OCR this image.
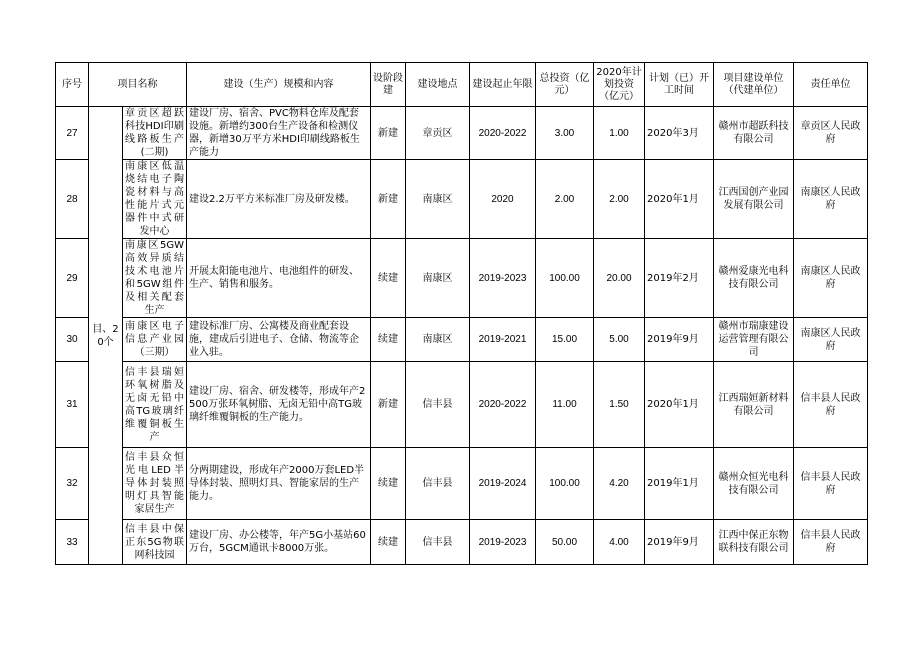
序号	项目名称		建设（生产）规模和内容	设阶段建	建设地点	建设起止年限	总投资（亿元）	2020年计划投资（亿元）	计划（已）开工时间	项目建设单位（代建单位）	责任单位
27	目、20个	章贡区超跃科技HDI印刷线路板生产(二期)	建设厂房、宿舍、PVC物料仓库及配套设施。新增约300台生产设备和检测仪器，新增30万平方米HDI印刷线路板生产能力	新建	章贡区	2020-2022	3.00	1.00	2020年3月	赣州市超跃科技有限公司	章贡区人民政府
28		南康区低温烧结电子陶瓷材料与高性能片式元器件中式研发中心	建设2.2万平方米标准厂房及研发楼。	新建	南康区	2020	2.00	2.00	2020年1月	江西国创产业园发展有限公司	南康区人民政府
29		南康区5GW高效异质结技术电池片和5GW组件及相关配套生产	开展太阳能电池片、电池组件的研发、生产、销售和服务。	续建	南康区	2019-2023	100.00	20.00	2019年2月	赣州爱康光电科技有限公司	南康区人民政府
30		南康区电子信息产业园（三期）	建设标准厂房、公寓楼及商业配套设施，建成后引进电子、仓储、物流等企业入驻。	续建	南康区	2019-2021	15.00	5.00	2019年9月	赣州市瑞康建设运营管理有限公司	南康区人民政府
31		信丰县瑞姮环氧树脂及无卤无铅中高TG玻璃纤维覆铜板生产	建设厂房、宿舍、研发楼等，形成年产2500万张环氧树脂、无卤无铅中高TG玻璃纤维覆铜板的生产能力。	新建	信丰县	2020-2022	11.00	1.50	2020年1月	江西瑞姮新材料有限公司	信丰县人民政府
32		信丰县众恒光电LED半导体封装照明灯具智能家居生产	分两期建设，形成年产2000万套LED半导体封装、照明灯具、智能家居的生产能力。	续建	信丰县	2019-2024	100.00	4.20	2019年1月	赣州众恒光电科技有限公司	信丰县人民政府
33		信丰县中保正东5G物联网科技园	建设厂房、办公楼等，年产5G小基站60万台，5GCM通讯卡8000万张。	续建	信丰县	2019-2023	50.00	4.00	2019年9月	江西中保正东物联科技有限公司	信丰县人民政府
